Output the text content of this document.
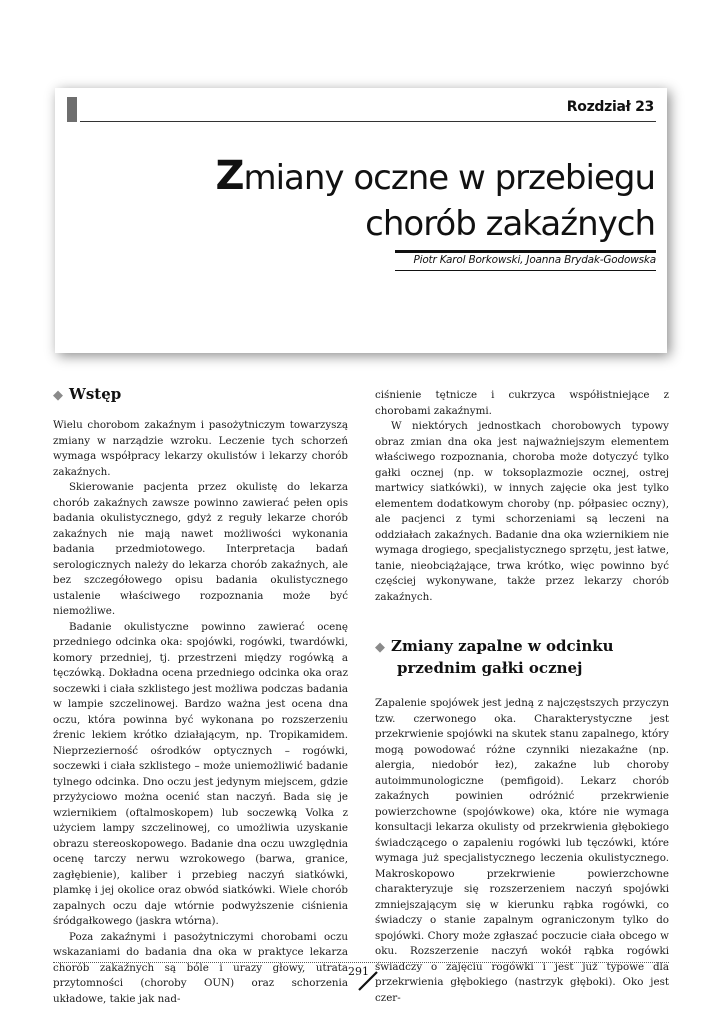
Rozdział 23
Zmiany oczne w przebiegu
chorób zakaźnych
Piotr Karol Borkowski, Joanna Brydak-Godowska
◆ Wstęp

Wielu chorobom zakaźnym i pasożytniczym towarzyszą zmiany w narządzie wzroku. Leczenie tych schorzeń wymaga współpracy lekarzy okulistów i lekarzy chorób zakaźnych.

Skierowanie pacjenta przez okulistę do lekarza chorób zakaźnych zawsze powinno zawierać pełen opis badania okulistycznego, gdyż z reguły lekarze chorób zakaźnych nie mają nawet możliwości wykonania badania przedmiotowego. Interpretacja badań serologicznych należy do lekarza chorób zakaźnych, ale bez szczegółowego opisu badania okulistycznego ustalenie właściwego rozpoznania może być niemożliwe.

Badanie okulistyczne powinno zawierać ocenę przedniego odcinka oka: spojówki, rogówki, twardówki, komory przedniej, tj. przestrzeni między rogówką a tęczówką. Dokładna ocena przedniego odcinka oka oraz soczewki i ciała szklistego jest możliwa podczas badania w lampie szczelinowej. Bardzo ważna jest ocena dna oczu, która powinna być wykonana po rozszerzeniu źrenic lekiem krótko działającym, np. Tropikamidem. Nieprzezierność ośrodków optycznych – rogówki, soczewki i ciała szklistego – może uniemożliwić badanie tylnego odcinka. Dno oczu jest jedynym miejscem, gdzie przyżyciowo można ocenić stan naczyń. Bada się je wziernikiem (oftalmoskopem) lub soczewką Volka z użyciem lampy szczelinowej, co umożliwia uzyskanie obrazu stereoskopowego. Badanie dna oczu uwzględnia ocenę tarczy nerwu wzrokowego (barwa, granice, zagłębienie), kaliber i przebieg naczyń siatkówki, plamkę i jej okolice oraz obwód siatkówki. Wiele chorób zapalnych oczu daje wtórnie podwyższenie ciśnienia śródgałkowego (jaskra wtórna).

Poza zakaźnymi i pasożytniczymi chorobami oczu wskazaniami do badania dna oka w praktyce lekarza chorób zakaźnych są bóle i urazy głowy, utrata przytomności (choroby OUN) oraz schorzenia układowe, takie jak nad-

ciśnienie tętnicze i cukrzyca współistniejące z chorobami zakaźnymi.

W niektórych jednostkach chorobowych typowy obraz zmian dna oka jest najważniejszym elementem właściwego rozpoznania, choroba może dotyczyć tylko gałki ocznej (np. w toksoplazmozie ocznej, ostrej martwicy siatkówki), w innych zajęcie oka jest tylko elementem dodatkowym choroby (np. półpasiec oczny), ale pacjenci z tymi schorzeniami są leczeni na oddziałach zakaźnych. Badanie dna oka wziernikiem nie wymaga drogiego, specjalistycznego sprzętu, jest łatwe, tanie, nieobciążające, trwa krótko, więc powinno być częściej wykonywane, także przez lekarzy chorób zakaźnych.

◆ Zmiany zapalne w odcinku
przednim gałki ocznej

Zapalenie spojówek jest jedną z najczęstszych przyczyn tzw. czerwonego oka. Charakterystyczne jest przekrwienie spojówki na skutek stanu zapalnego, który mogą powodować różne czynniki niezakaźne (np. alergia, niedobór łez), zakaźne lub choroby autoimmunologiczne (pemfigoid). Lekarz chorób zakaźnych powinien odróżnić przekrwienie powierzchowne (spojówkowe) oka, które nie wymaga konsultacji lekarza okulisty od przekrwienia głębokiego świadczącego o zapaleniu rogówki lub tęczówki, które wymaga już specjalistycznego leczenia okulistycznego. Makroskopowo przekrwienie powierzchowne charakteryzuje się rozszerzeniem naczyń spojówki zmniejszającym się w kierunku rąbka rogówki, co świadczy o stanie zapalnym ograniczonym tylko do spojówki. Chory może zgłaszać poczucie ciała obcego w oku. Rozszerzenie naczyń wokół rąbka rogówki świadczy o zajęciu rogówki i jest już typowe dla przekrwienia głębokiego (nastrzyk głęboki). Oko jest czer-

291
